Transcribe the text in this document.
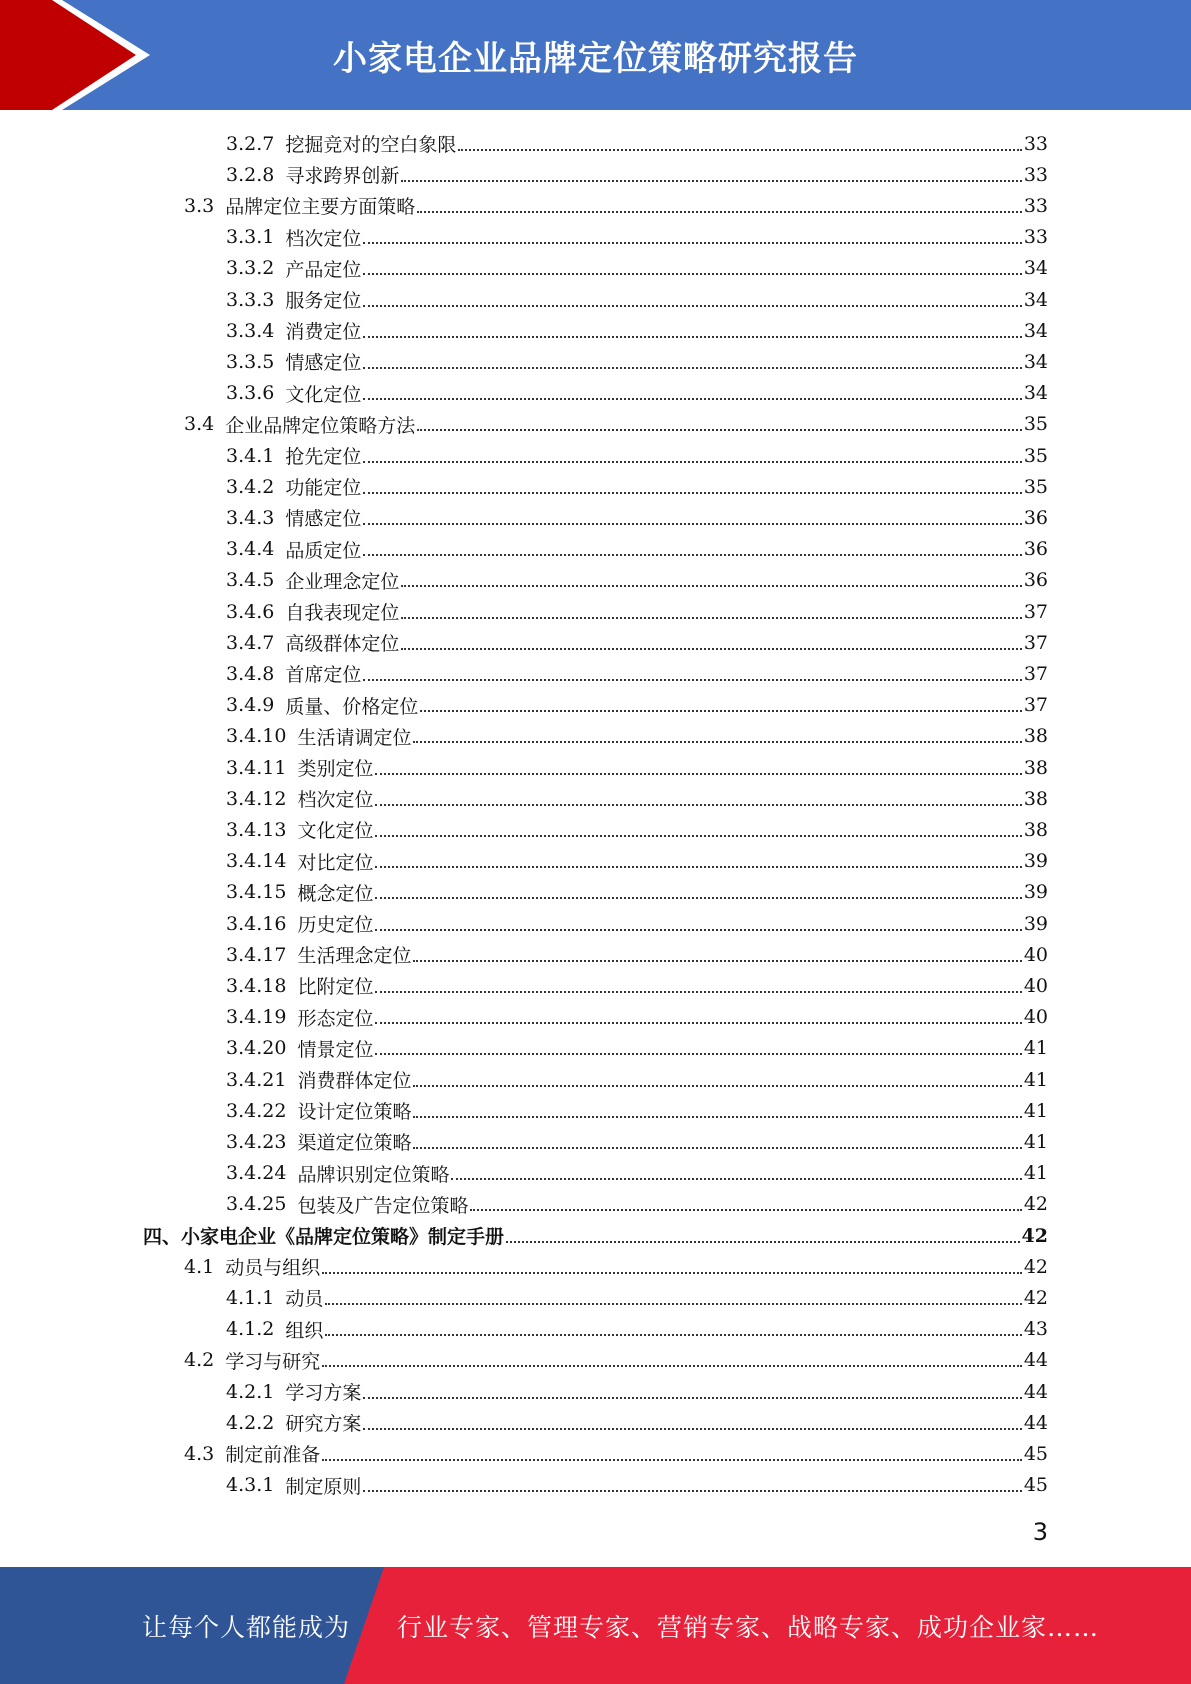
小家电企业品牌定位策略研究报告
3.2.7 挖掘竞对的空白象限	33
3.2.8 寻求跨界创新	33
3.3 品牌定位主要方面策略	33
3.3.1 档次定位	33
3.3.2 产品定位	34
3.3.3 服务定位	34
3.3.4 消费定位	34
3.3.5 情感定位	34
3.3.6 文化定位	34
3.4 企业品牌定位策略方法	35
3.4.1 抢先定位	35
3.4.2 功能定位	35
3.4.3 情感定位	36
3.4.4 品质定位	36
3.4.5 企业理念定位	36
3.4.6 自我表现定位	37
3.4.7 高级群体定位	37
3.4.8 首席定位	37
3.4.9 质量、价格定位	37
3.4.10 生活请调定位	38
3.4.11 类别定位	38
3.4.12 档次定位	38
3.4.13 文化定位	38
3.4.14 对比定位	39
3.4.15 概念定位	39
3.4.16 历史定位	39
3.4.17 生活理念定位	40
3.4.18 比附定位	40
3.4.19 形态定位	40
3.4.20 情景定位	41
3.4.21 消费群体定位	41
3.4.22 设计定位策略	41
3.4.23 渠道定位策略	41
3.4.24 品牌识别定位策略	41
3.4.25 包装及广告定位策略	42
四、小家电企业《品牌定位策略》制定手册	42
4.1 动员与组织	42
4.1.1 动员	42
4.1.2 组织	43
4.2 学习与研究	44
4.2.1 学习方案	44
4.2.2 研究方案	44
4.3 制定前准备	45
4.3.1 制定原则	45
3
让每个人都能成为 行业专家、管理专家、营销专家、战略专家、成功企业家……
